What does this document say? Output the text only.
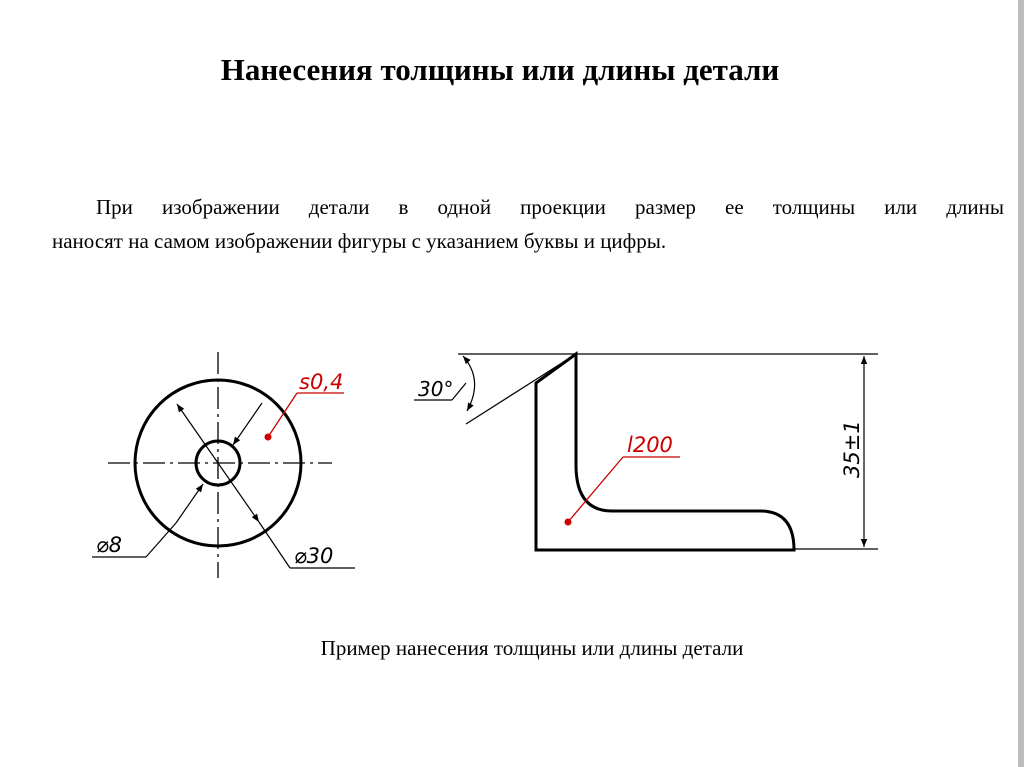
Нанесения толщины или длины детали
При изображении детали в одной проекции размер ее толщины или длины
наносят на самом изображении фигуры с указанием буквы и цифры.
⌀30
⌀8
s0,4	30°
35±1
l200
Пример нанесения толщины или длины детали
